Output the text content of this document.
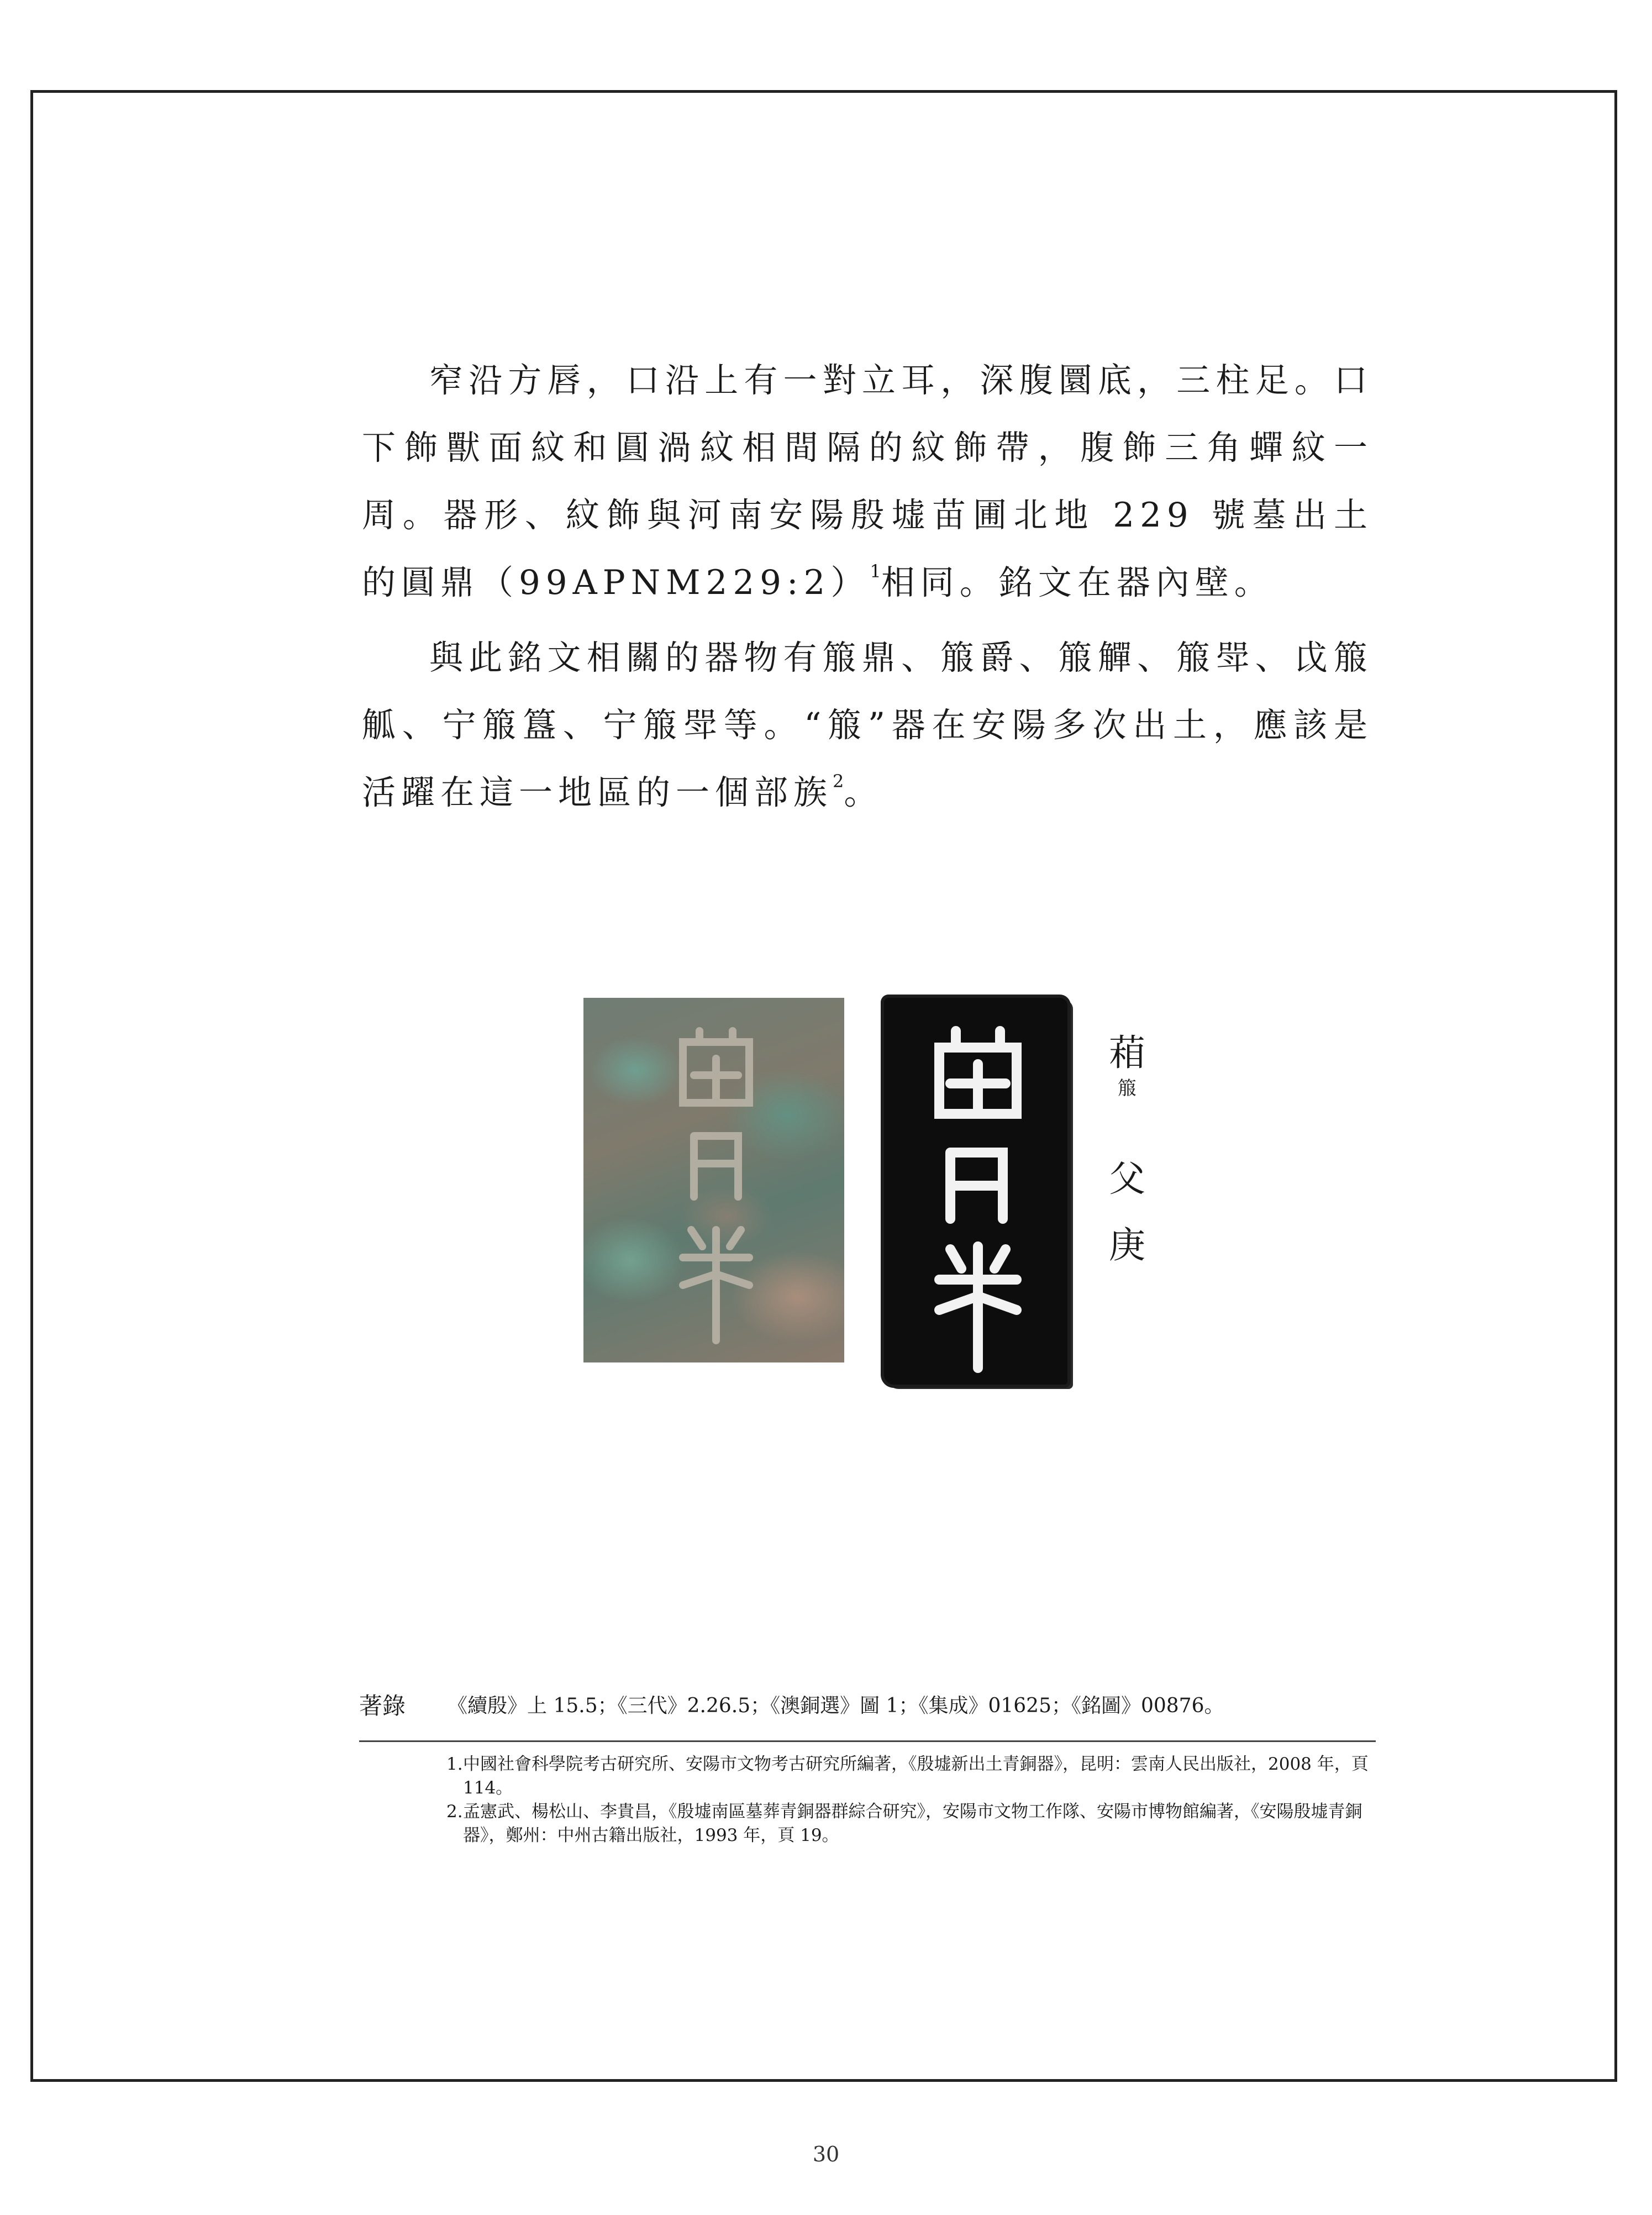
窄沿方唇，口沿上有一對立耳，深腹圜底，三柱足。口下飾獸面紋和圓渦紋相間隔的紋飾帶，腹飾三角蟬紋一周。器形、紋飾與河南安陽殷墟苗圃北地 229 號墓出土的圓鼎（99APNM229:2）$^1$相同。銘文在器內壁。

與此銘文相關的器物有箙鼎、箙爵、箙觶、箙斝、戉箙觚、宁箙簋、宁箙斝等。“箙”器在安陽多次出土，應該是活躍在這一地區的一個部族$^2$。

葙
箙
父
庚
著錄	《續殷》上 15.5；《三代》2.26.5；《澳銅選》圖 1；《集成》01625；《銘圖》00876。
1. 中國社會科學院考古研究所、安陽市文物考古研究所編著，《殷墟新出土青銅器》，昆明：雲南人民出版社，2008 年，頁 114。
2. 孟憲武、楊松山、李貴昌，《殷墟南區墓葬青銅器群綜合研究》，安陽市文物工作隊、安陽市博物館編著，《安陽殷墟青銅器》，鄭州：中州古籍出版社，1993 年，頁 19。
30
